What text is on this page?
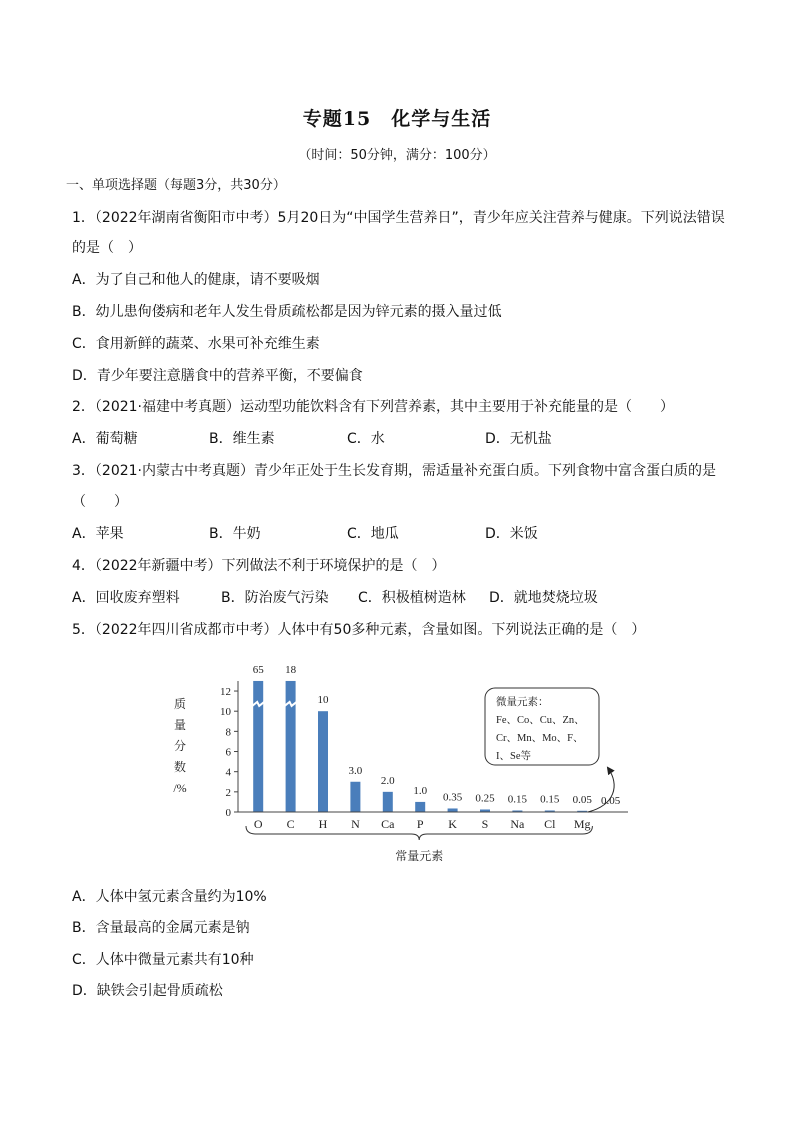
专题15　化学与生活
（时间：50分钟，满分：100分）
一、单项选择题（每题3分，共30分）
1．（2022年湖南省衡阳市中考）5月20日为“中国学生营养日”，青少年应关注营养与健康。下列说法错误
的是（　）
A．为了自己和他人的健康，请不要吸烟
B．幼儿患佝偻病和老年人发生骨质疏松都是因为锌元素的摄入量过低
C．食用新鲜的蔬菜、水果可补充维生素
D．青少年要注意膳食中的营养平衡，不要偏食
2．（2021·福建中考真题）运动型功能饮料含有下列营养素，其中主要用于补充能量的是（　　）
A．葡萄糖	B．维生素	C．水	D．无机盐
3．（2021·内蒙古中考真题）青少年正处于生长发育期，需适量补充蛋白质。下列食物中富含蛋白质的是
（　　）
A．苹果	B．牛奶	C．地瓜	D．米饭
4．（2022年新疆中考）下列做法不利于环境保护的是（　）
A．回收废弃塑料	B．防治废气污染 C．积极植树造林 D．就地焚烧垃圾
5．（2022年四川省成都市中考）人体中有50多种元素，含量如图。下列说法正确的是（　）
质
量
分
数
/%
0
2
4
6
8
10
12
65 18
10
3.0
2.0
1.0
0.35 0.25 0.15 0.15 0.05 0.05
O C H N Ca P K S Na Cl Mg
常量元素
微量元素：
Fe、Co、Cu、Zn、
Cr、Mn、Mo、F、
I、Se等
A．人体中氢元素含量约为10%
B．含量最高的金属元素是钠
C．人体中微量元素共有10种
D．缺铁会引起骨质疏松
